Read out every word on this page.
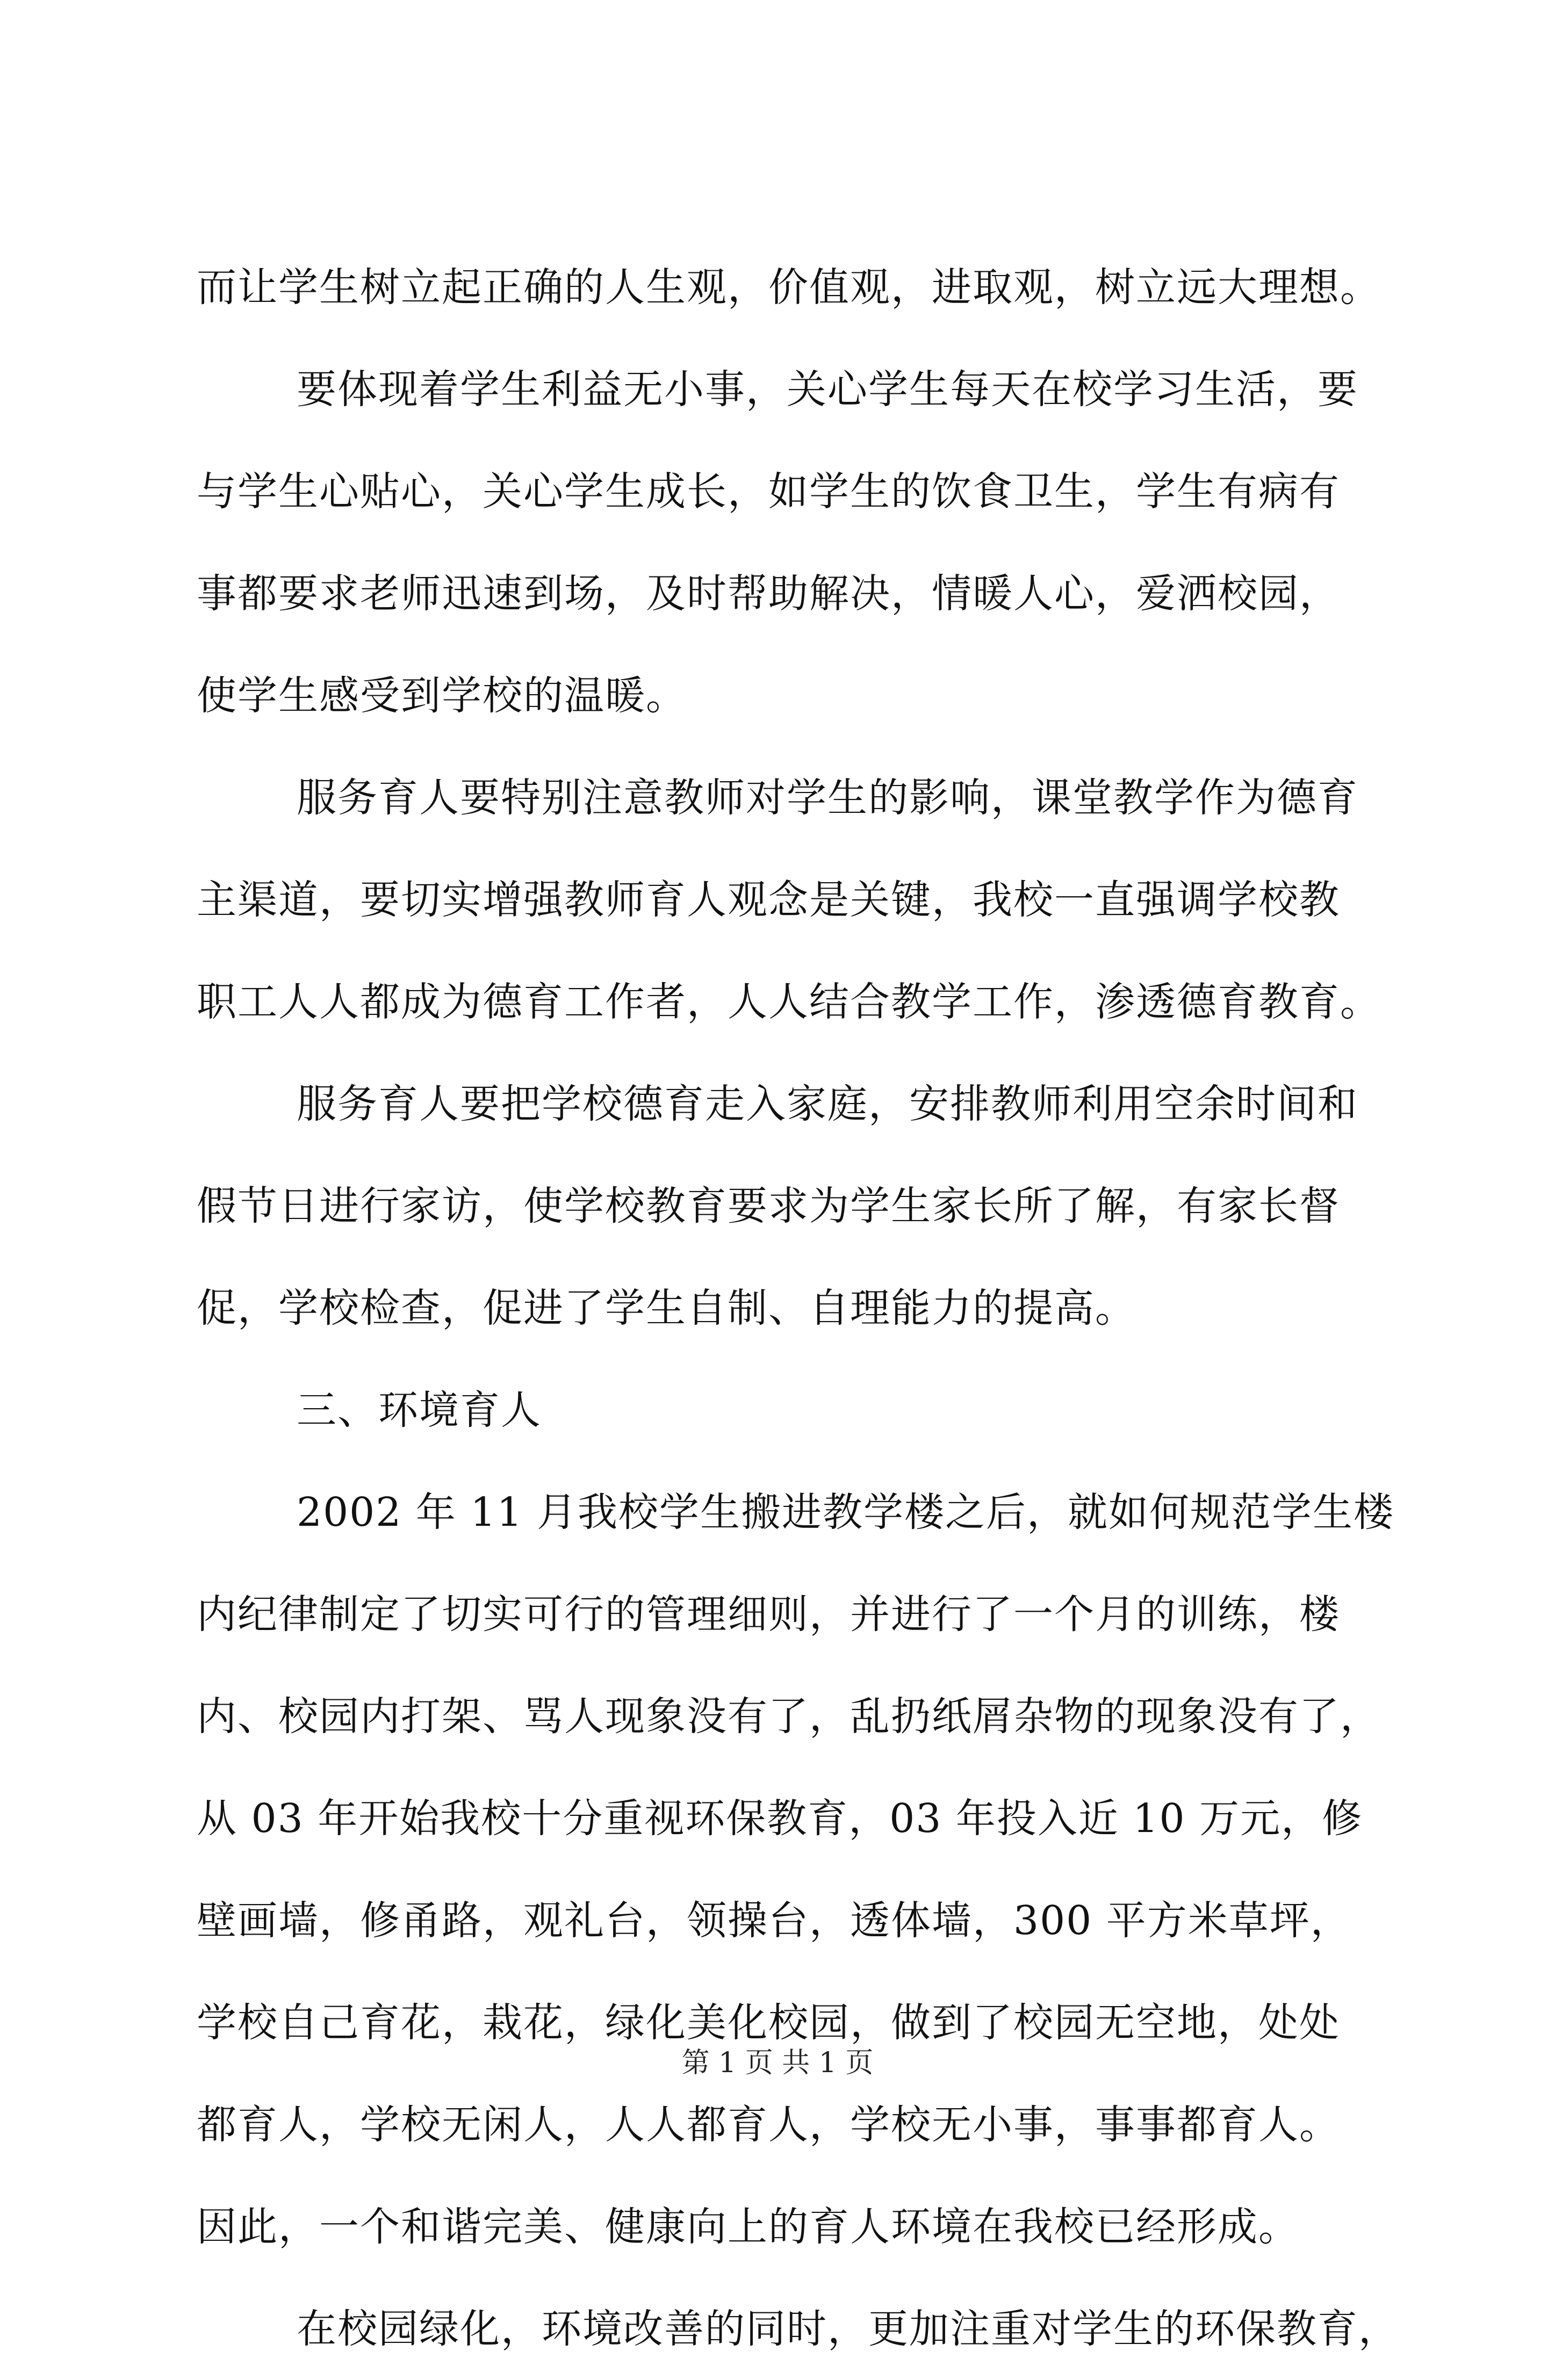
而让学生树立起正确的人生观，价值观，进取观，树立远大理想。
要体现着学生利益无小事，关心学生每天在校学习生活，要
与学生心贴心，关心学生成长，如学生的饮食卫生，学生有病有
事都要求老师迅速到场，及时帮助解决，情暖人心，爱洒校园，
使学生感受到学校的温暖。
服务育人要特别注意教师对学生的影响，课堂教学作为德育
主渠道，要切实增强教师育人观念是关键，我校一直强调学校教
职工人人都成为德育工作者，人人结合教学工作，渗透德育教育。
服务育人要把学校德育走入家庭，安排教师利用空余时间和
假节日进行家访，使学校教育要求为学生家长所了解，有家长督
促，学校检查，促进了学生自制、自理能力的提高。
三、环境育人
2002 年 11 月我校学生搬进教学楼之后，就如何规范学生楼
内纪律制定了切实可行的管理细则，并进行了一个月的训练，楼
内、校园内打架、骂人现象没有了，乱扔纸屑杂物的现象没有了，
从 03 年开始我校十分重视环保教育，03 年投入近 10 万元，修
壁画墙，修甬路，观礼台，领操台，透体墙，300 平方米草坪，
学校自己育花，栽花，绿化美化校园，做到了校园无空地，处处
都育人，学校无闲人，人人都育人，学校无小事，事事都育人。
因此，一个和谐完美、健康向上的育人环境在我校已经形成。
在校园绿化，环境改善的同时，更加注重对学生的环保教育，
第 1 页 共 1 页
